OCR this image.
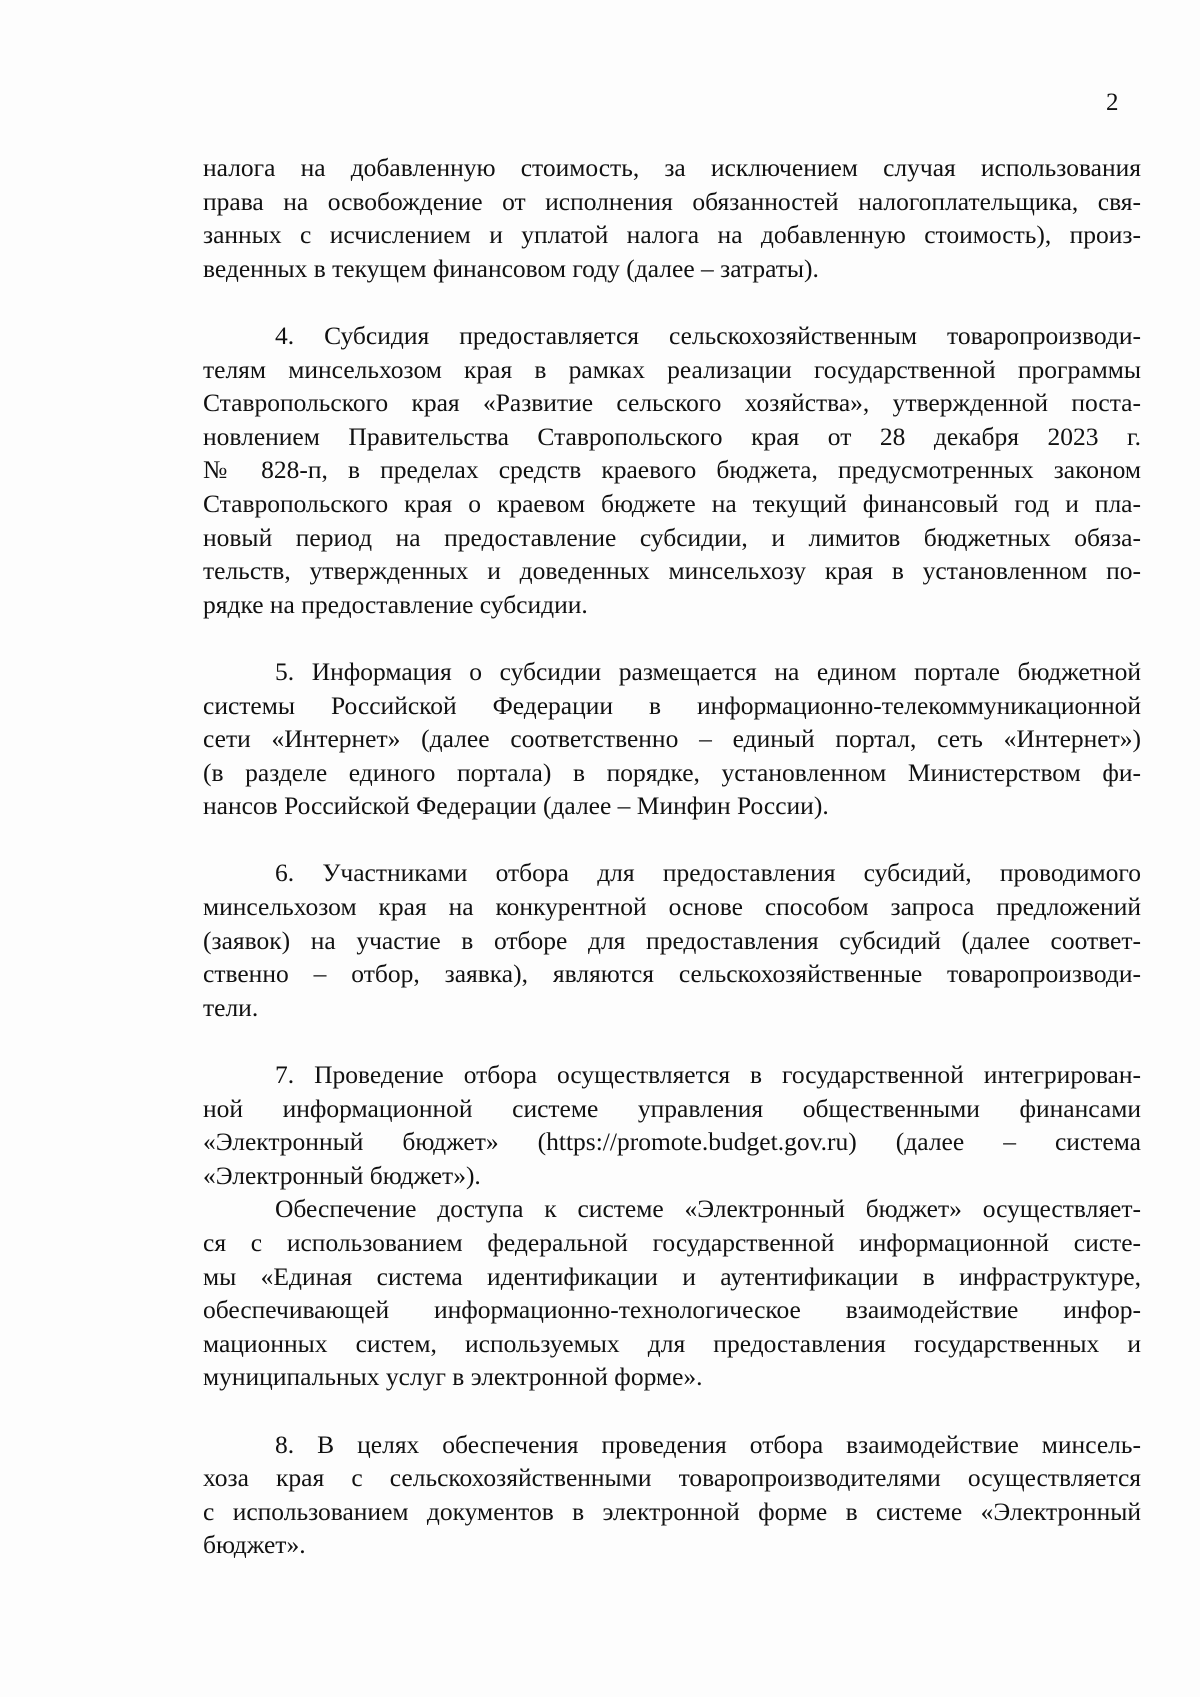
2

налога на добавленную стоимость, за исключением случая использования
права на освобождение от исполнения обязанностей налогоплательщика, свя-
занных с исчислением и уплатой налога на добавленную стоимость), произ-
веденных в текущем финансовом году (далее – затраты).

4. Субсидия предоставляется сельскохозяйственным товаропроизводи-
телям минсельхозом края в рамках реализации государственной программы
Ставропольского края «Развитие сельского хозяйства», утвержденной поста-
новлением Правительства Ставропольского края от 28 декабря 2023 г.
№ 828-п, в пределах средств краевого бюджета, предусмотренных законом
Ставропольского края о краевом бюджете на текущий финансовый год и пла-
новый период на предоставление субсидии, и лимитов бюджетных обяза-
тельств, утвержденных и доведенных минсельхозу края в установленном по-
рядке на предоставление субсидии.

5. Информация о субсидии размещается на едином портале бюджетной
системы Российской Федерации в информационно-телекоммуникационной
сети «Интернет» (далее соответственно – единый портал, сеть «Интернет»)
(в разделе единого портала) в порядке, установленном Министерством фи-
нансов Российской Федерации (далее – Минфин России).

6. Участниками отбора для предоставления субсидий, проводимого
минсельхозом края на конкурентной основе способом запроса предложений
(заявок) на участие в отборе для предоставления субсидий (далее соответ-
ственно – отбор, заявка), являются сельскохозяйственные товаропроизводи-
тели.

7. Проведение отбора осуществляется в государственной интегрирован-
ной информационной системе управления общественными финансами
«Электронный бюджет» (https://promote.budget.gov.ru) (далее – система
«Электронный бюджет»).

Обеспечение доступа к системе «Электронный бюджет» осуществляет-
ся с использованием федеральной государственной информационной систе-
мы «Единая система идентификации и аутентификации в инфраструктуре,
обеспечивающей информационно-технологическое взаимодействие инфор-
мационных систем, используемых для предоставления государственных и
муниципальных услуг в электронной форме».

8. В целях обеспечения проведения отбора взаимодействие минсель-
хоза края с сельскохозяйственными товаропроизводителями осуществляется
с использованием документов в электронной форме в системе «Электронный
бюджет».
